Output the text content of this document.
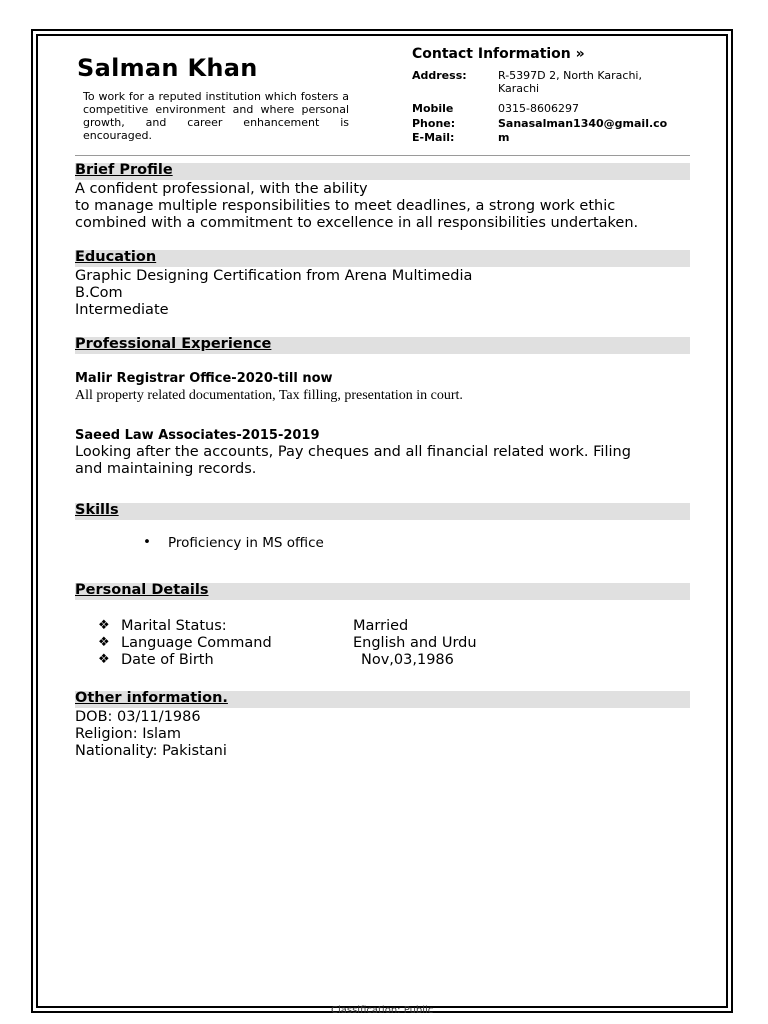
Salman Khan
To work for a reputed institution which fosters a competitive environment and where personal growth, and career enhancement is encouraged.
Contact Information »
Address:	R-5397D 2, North Karachi, Karachi
Mobile	0315-8606297
Phone:	Sanasalman1340@gmail.co
E-Mail:	m
Brief Profile
A confident professional, with the ability
to manage multiple responsibilities to meet deadlines, a strong work ethic
combined with a commitment to excellence in all responsibilities undertaken.
Education
Graphic Designing Certification from Arena Multimedia
B.Com
Intermediate
Professional Experience
Malir Registrar Office-2020-till now
All property related documentation, Tax filling, presentation in court.
Saeed Law Associates-2015-2019
Looking after the accounts, Pay cheques and all financial related work. Filing
and maintaining records.
Skills
• Proficiency in MS office
Personal Details
❖ Marital Status:	Married
❖ Language Command	English and Urdu
❖ Date of Birth	Nov,03,1986
Other information.
DOB: 03/11/1986
Religion: Islam
Nationality: Pakistani
Classification: Public
